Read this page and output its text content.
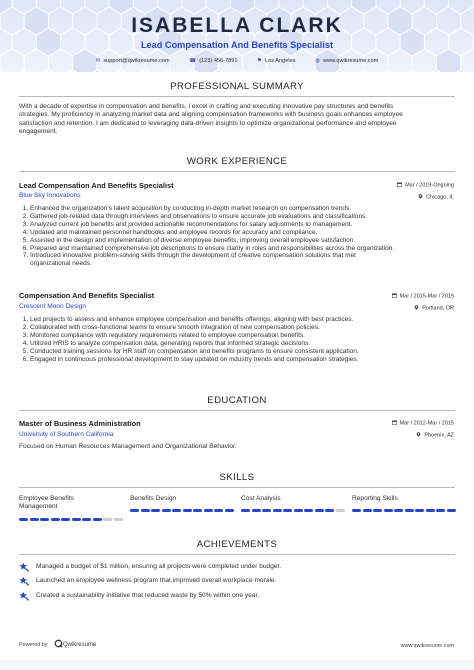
ISABELLA CLARK
Lead Compensation And Benefits Specialist
✉ support@qwikresume.com	☎ (123) 456-7891	⚑ Los Angeles	◍ www.qwikresume.com
PROFESSIONAL SUMMARY
With a decade of expertise in compensation and benefits, I excel in crafting and executing innovative pay structures and benefits
strategies. My proficiency in analyzing market data and aligning compensation frameworks with business goals enhances employee
satisfaction and retention. I am dedicated to leveraging data-driven insights to optimize organizational performance and employee
engagement.
WORK EXPERIENCE
Lead Compensation And Benefits Specialist	Mar / 2019-Ongoing
Blue Sky Innovations	Chicago, IL
1. Enhanced the organization's talent acquisition by conducting in-depth market research on compensation trends.
2. Gathered job-related data through interviews and observations to ensure accurate job evaluations and classifications.
3. Analyzed current job benefits and provided actionable recommendations for salary adjustments to management.
4. Updated and maintained personnel handbooks and employee records for accuracy and compliance.
5. Assisted in the design and implementation of diverse employee benefits, improving overall employee satisfaction.
6. Prepared and maintained comprehensive job descriptions to ensure clarity in roles and responsibilities across the organization.
7. Introduced innovative problem-solving skills through the development of creative compensation solutions that met
organizational needs.
Compensation And Benefits Specialist	Mar / 2015-Mar / 2019
Crescent Moon Design	Portland, OR
1. Led projects to assess and enhance employee compensation and benefits offerings, aligning with best practices.
2. Collaborated with cross-functional teams to ensure smooth integration of new compensation policies.
3. Monitored compliance with regulatory requirements related to employee compensation benefits.
4. Utilized HRIS to analyze compensation data, generating reports that informed strategic decisions.
5. Conducted training sessions for HR staff on compensation and benefits programs to ensure consistent application.
6. Engaged in continuous professional development to stay updated on industry trends and compensation strategies.
EDUCATION
Master of Business Administration	Mar / 2012-Mar / 2015
University of Southern California	Phoenix, AZ
Focused on Human Resources Management and Organizational Behavior.
SKILLS
Employee Benefits
Management
Benefits Design	Cost Analysis	Reporting Skills
ACHIEVEMENTS
Managed a budget of $1 million, ensuring all projects were completed under budget.
Launched an employee wellness program that improved overall workplace morale.
Created a sustainability initiative that reduced waste by 50% within one year.
Powered by	Qwikresume	www.qwikresume.com
